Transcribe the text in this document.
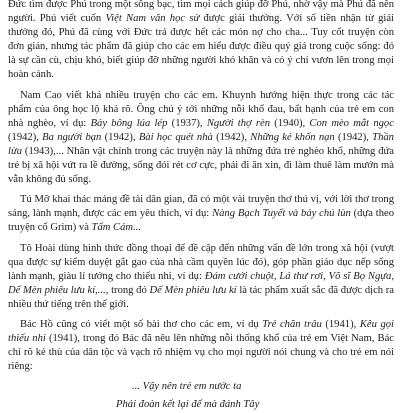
Đức tìm được Phú trong một sông bạc, tìm mọi cách giúp đỡ Phú, nhờ vậy mà Phú đã nên người. Phú viết cuốn Việt Nam văn học sử được giải thưởng. Với số tiền nhận từ giải thưởng đó, Phú đã cùng với Đức trả được hết các món nợ cho cha... Tuy cốt truyện còn đơn giản, nhưng tác phẩm đã giúp cho các em hiểu được điều quý giá trong cuộc sống: đó là sự cần cù, chịu khó, biết giúp đỡ những người khó khăn và có ý chí vươn lên trong mọi hoàn cảnh.

Nam Cao viết khá nhiều truyện cho các em. Khuynh hướng hiện thực trong các tác phẩm của ông học lộ khá rõ. Ông chú ý tới những nỗi khổ đau, bất hạnh của trẻ em con nhà nghèo, ví dụ: Bảy bông lúa lép (1937), Người thợ rèn (1940), Con mèo mắt ngọc (1942), Ba người bạn (1942), Bài học quét nhà (1942), Những kẻ khốn nạn (1942), Thần lừa (1943),... Nhân vật chính trong các truyện này là những đứa trẻ nghèo khổ, những đứa trẻ bị xã hội vứt ra lề đường, sống đói rét cơ cực, phải đi ăn xin, đi làm thuê làm mướn mà vẫn không đủ sống.

Tú Mỡ khai thác mảng đề tài dân gian, đã có một vài truyện thơ thú vị, với lời thơ trong sáng, lành mạnh, được các em yêu thích, ví dụ: Nàng Bạch Tuyết và bảy chú lùn (dựa theo truyện cổ Grim) và Tấm Cám...

Tô Hoài dùng hình thức đồng thoại để đề cập đến những vấn đề lớn trong xã hội (vượt qua được sự kiểm duyệt gắt gao của nhà cầm quyền lúc đó), góp phần giáo dục nếp sống lành mạnh, giàu lí tưởng cho thiếu nhi, ví dụ: Đám cưới chuột, Lá thư rơi, Võ sĩ Bọ Ngựa, Dế Mèn phiêu lưu kí,..., trong đó Dế Mèn phiêu lưu kí là tác phẩm xuất sắc đã được dịch ra nhiều thứ tiếng trên thế giới.

Bác Hồ cũng có viết một số bài thơ cho các em, ví dụ Trẻ chăn trâu (1941), Kêu gọi thiếu nhi (1941), trong đó Bác đã nêu lên những nỗi thống khổ của trẻ em Việt Nam, Bác chỉ rõ kẻ thù của dân tộc và vạch rõ nhiệm vụ cho mọi người nói chung và cho trẻ em nói riêng:

... Vậy nên trẻ em nước ta
Phải đoàn kết lại để mà đánh Tây
